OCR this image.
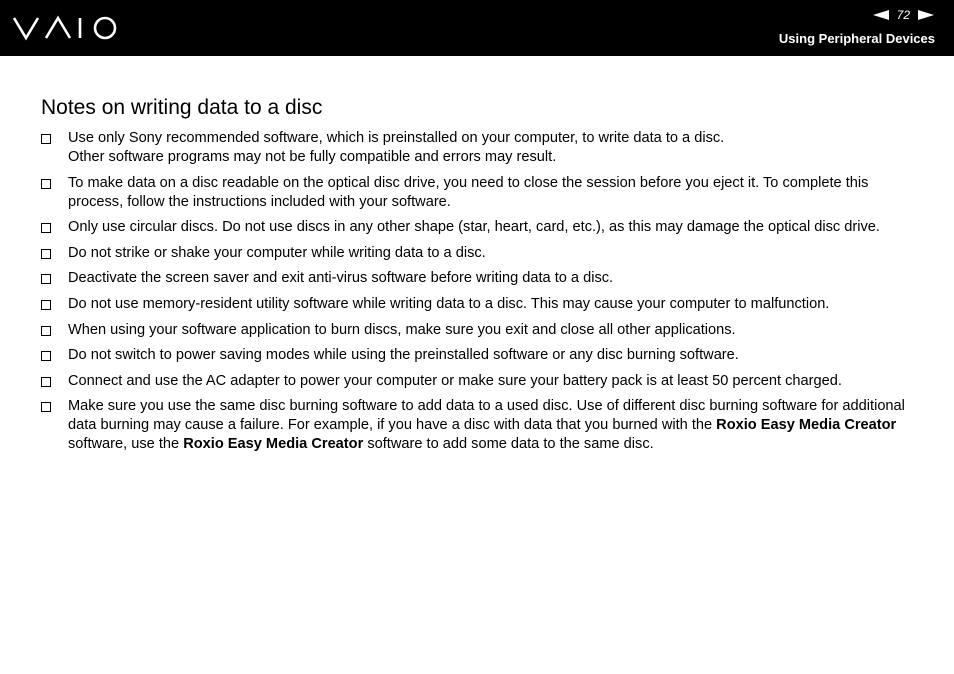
72
Using Peripheral Devices
Notes on writing data to a disc
Use only Sony recommended software, which is preinstalled on your computer, to write data to a disc.
Other software programs may not be fully compatible and errors may result.
To make data on a disc readable on the optical disc drive, you need to close the session before you eject it. To complete this process, follow the instructions included with your software.
Only use circular discs. Do not use discs in any other shape (star, heart, card, etc.), as this may damage the optical disc drive.
Do not strike or shake your computer while writing data to a disc.
Deactivate the screen saver and exit anti-virus software before writing data to a disc.
Do not use memory-resident utility software while writing data to a disc. This may cause your computer to malfunction.
When using your software application to burn discs, make sure you exit and close all other applications.
Do not switch to power saving modes while using the preinstalled software or any disc burning software.
Connect and use the AC adapter to power your computer or make sure your battery pack is at least 50 percent charged.
Make sure you use the same disc burning software to add data to a used disc. Use of different disc burning software for additional data burning may cause a failure. For example, if you have a disc with data that you burned with the Roxio Easy Media Creator software, use the Roxio Easy Media Creator software to add some data to the same disc.
